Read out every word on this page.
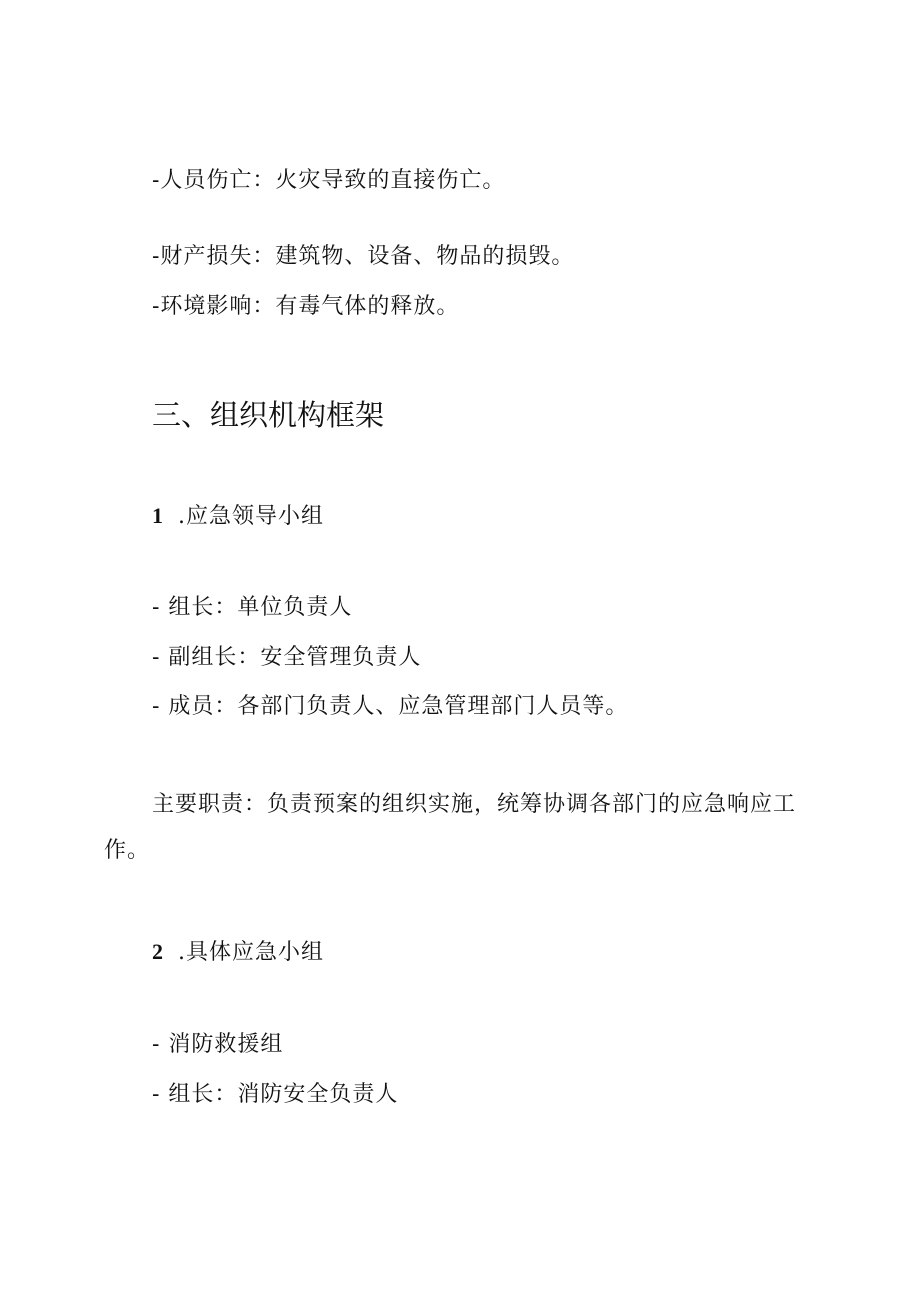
-人员伤亡：火灾导致的直接伤亡。
-财产损失：建筑物、设备、物品的损毁。
-环境影响：有毒气体的释放。
三、组织机构框架
1 .应急领导小组
- 组长：单位负责人
- 副组长：安全管理负责人
- 成员：各部门负责人、应急管理部门人员等。
主要职责：负责预案的组织实施，统筹协调各部门的应急响应工作。
2 .具体应急小组
- 消防救援组
- 组长：消防安全负责人
